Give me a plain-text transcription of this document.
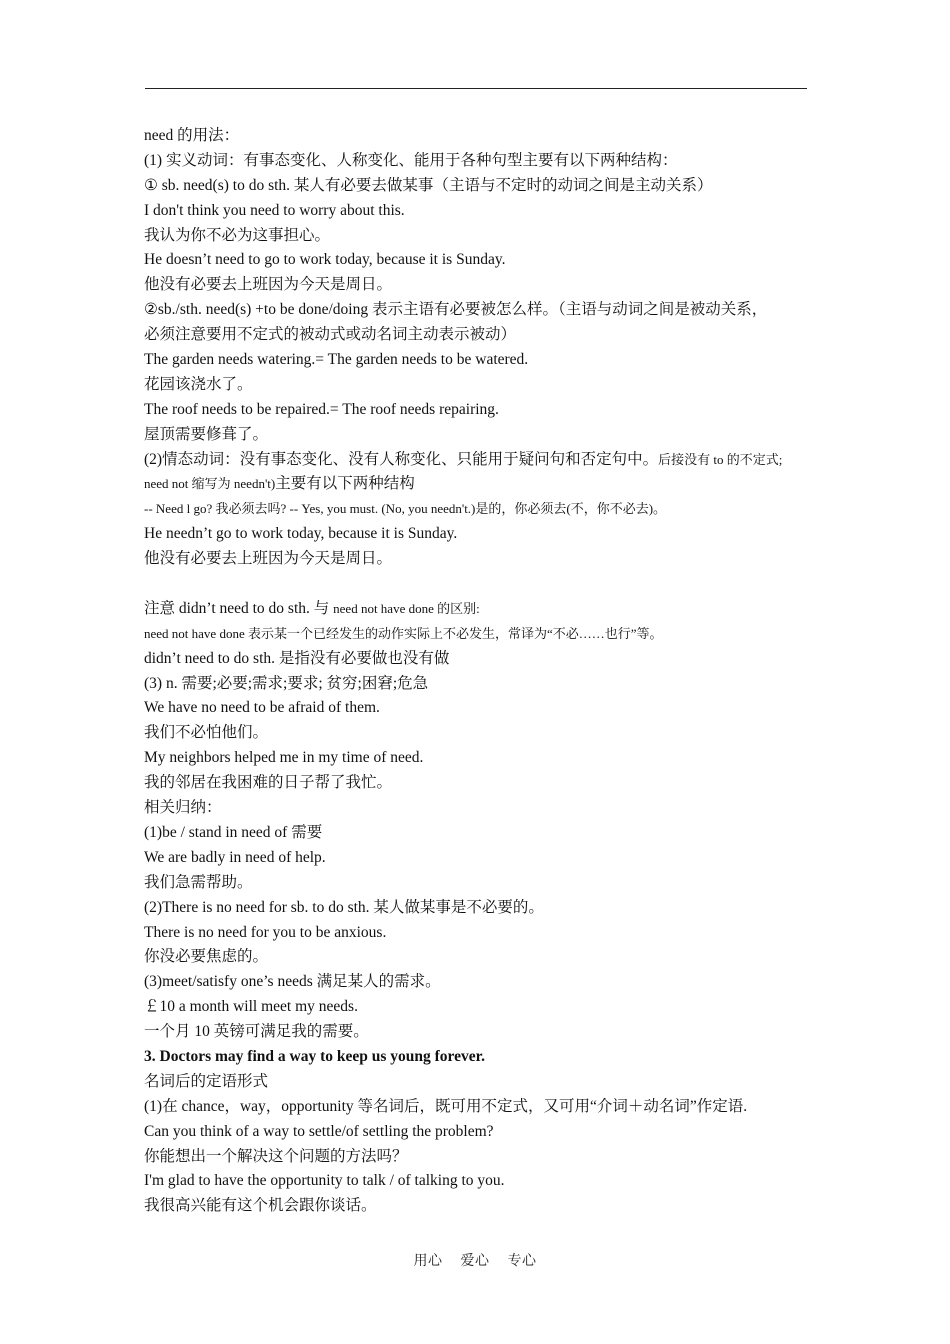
need 的用法：
(1) 实义动词：有事态变化、人称变化、能用于各种句型主要有以下两种结构：
① sb. need(s) to do sth. 某人有必要去做某事（主语与不定时的动词之间是主动关系）
I don't think you need to worry about this.
我认为你不必为这事担心。
He doesn’t need to go to work today, because it is Sunday.
他没有必要去上班因为今天是周日。
②sb./sth. need(s) +to be done/doing 表示主语有必要被怎么样。（主语与动词之间是被动关系，
必须注意要用不定式的被动式或动名词主动表示被动）
The garden needs watering.= The garden needs to be watered.
花园该浇水了。
The roof needs to be repaired.= The roof needs repairing.
屋顶需要修葺了。
(2)情态动词：没有事态变化、没有人称变化、只能用于疑问句和否定句中。后接没有 to 的不定式;
need not 缩写为 needn't)主要有以下两种结构
-- Need l go? 我必须去吗? -- Yes, you must. (No, you needn't.)是的，你必须去(不，你不必去)。
He needn’t go to work today, because it is Sunday.
他没有必要去上班因为今天是周日。
注意 didn’t need to do sth. 与 need not have done 的区别:
need not have done 表示某一个已经发生的动作实际上不必发生，常译为“不必……也行”等。
didn’t need to do sth. 是指没有必要做也没有做
(3) n. 需要;必要;需求;要求; 贫穷;困窘;危急
We have no need to be afraid of them.
我们不必怕他们。
My neighbors helped me in my time of need.
我的邻居在我困难的日子帮了我忙。
相关归纳：
(1)be / stand in need of 需要
We are badly in need of help.
我们急需帮助。
(2)There is no need for sb. to do sth. 某人做某事是不必要的。
There is no need for you to be anxious.
你没必要焦虑的。
(3)meet/satisfy one’s needs 满足某人的需求。
￡10 a month will meet my needs.
一个月 10 英镑可满足我的需要。
3. Doctors may find a way to keep us young forever.
名词后的定语形式
(1)在 chance，way，opportunity 等名词后，既可用不定式，又可用“介词＋动名词”作定语.
Can you think of a way to settle/of settling the problem?
你能想出一个解决这个问题的方法吗？
I'm glad to have the opportunity to talk / of talking to you.
我很高兴能有这个机会跟你谈话。
用心 爱心 专心
